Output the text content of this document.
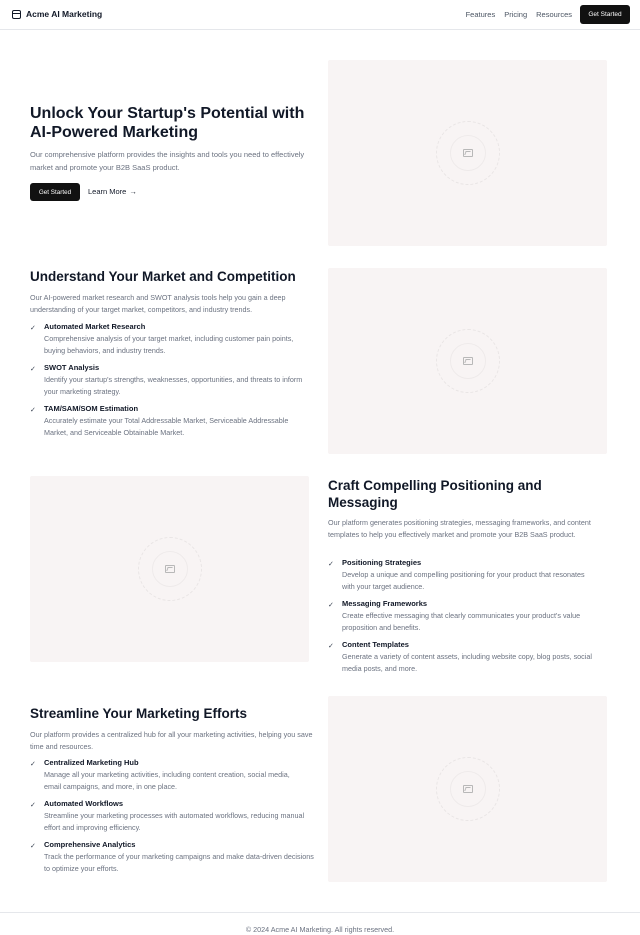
Acme AI Marketing	Features Pricing Resources	Get Started
Unlock Your Startup's Potential with AI-Powered Marketing

Our comprehensive platform provides the insights and tools you need to effectively market and promote your B2B SaaS product.

Get Started	Learn More →
Understand Your Market and Competition

Our AI-powered market research and SWOT analysis tools help you gain a deep understanding of your target market, competitors, and industry trends.

✓ Automated Market Research

Comprehensive analysis of your target market, including customer pain points, buying behaviors, and industry trends.

✓ SWOT Analysis

Identify your startup's strengths, weaknesses, opportunities, and threats to inform your marketing strategy.

✓ TAM/SAM/SOM Estimation

Accurately estimate your Total Addressable Market, Serviceable Addressable Market, and Serviceable Obtainable Market.

Craft Compelling Positioning and Messaging

Our platform generates positioning strategies, messaging frameworks, and content templates to help you effectively market and promote your B2B SaaS product.

✓ Positioning Strategies

Develop a unique and compelling positioning for your product that resonates with your target audience.

✓ Messaging Frameworks

Create effective messaging that clearly communicates your product's value proposition and benefits.

✓ Content Templates

Generate a variety of content assets, including website copy, blog posts, social media posts, and more.

Streamline Your Marketing Efforts

Our platform provides a centralized hub for all your marketing activities, helping you save time and resources.

✓ Centralized Marketing Hub

Manage all your marketing activities, including content creation, social media, email campaigns, and more, in one place.

✓ Automated Workflows

Streamline your marketing processes with automated workflows, reducing manual effort and improving efficiency.

✓ Comprehensive Analytics

Track the performance of your marketing campaigns and make data-driven decisions to optimize your efforts.

© 2024 Acme AI Marketing. All rights reserved.
